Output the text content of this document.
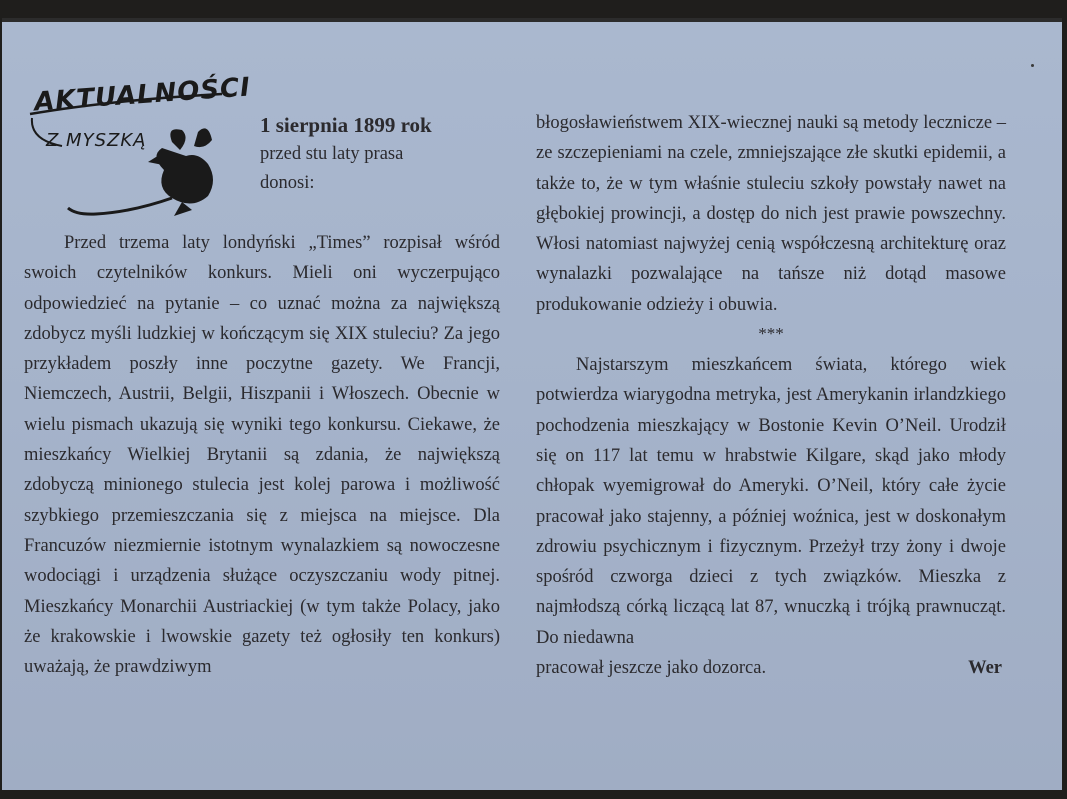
AKTUALNOŚCI
Z MYSZKĄ
1 sierpnia 1899 rok
przed stu laty prasa
donosi:

Przed trzema laty londyński „Times” rozpisał wśród swoich czytelników konkurs. Mieli oni wyczerpująco odpowiedzieć na pytanie – co uznać można za największą zdobycz myśli ludzkiej w kończącym się XIX stuleciu? Za jego przykładem poszły inne poczytne gazety. We Francji, Niemczech, Austrii, Belgii, Hiszpanii i Włoszech. Obecnie w wielu pismach ukazują się wyniki tego konkursu. Ciekawe, że mieszkańcy Wielkiej Brytanii są zdania, że największą zdobyczą minionego stulecia jest kolej parowa i możliwość szybkiego przemieszczania się z miejsca na miejsce. Dla Francuzów niezmiernie istotnym wynalazkiem są nowoczesne wodociągi i urządzenia służące oczyszczaniu wody pitnej. Mieszkańcy Monarchii Austriackiej (w tym także Polacy, jako że krakowskie i lwowskie gazety też ogłosiły ten konkurs) uważają, że prawdziwym

błogosławieństwem XIX-wiecznej nauki są metody lecznicze – ze szczepieniami na czele, zmniejszające złe skutki epidemii, a także to, że w tym właśnie stuleciu szkoły powstały nawet na głębokiej prowincji, a dostęp do nich jest prawie powszechny. Włosi natomiast najwyżej cenią współczesną architekturę oraz wynalazki pozwalające na tańsze niż dotąd masowe produkowanie odzieży i obuwia.

***

Najstarszym mieszkańcem świata, którego wiek potwierdza wiarygodna metryka, jest Amerykanin irlandzkiego pochodzenia mieszkający w Bostonie Kevin O’Neil. Urodził się on 117 lat temu w hrabstwie Kilgare, skąd jako młody chłopak wyemigrował do Ameryki. O’Neil, który całe życie pracował jako stajenny, a później woźnica, jest w doskonałym zdrowiu psychicznym i fizycznym. Przeżył trzy żony i dwoje spośród czworga dzieci z tych związków. Mieszka z najmłodszą córką liczącą lat 87, wnuczką i trójką prawnucząt. Do niedawna

pracował jeszcze jako dozorca.	Wer
